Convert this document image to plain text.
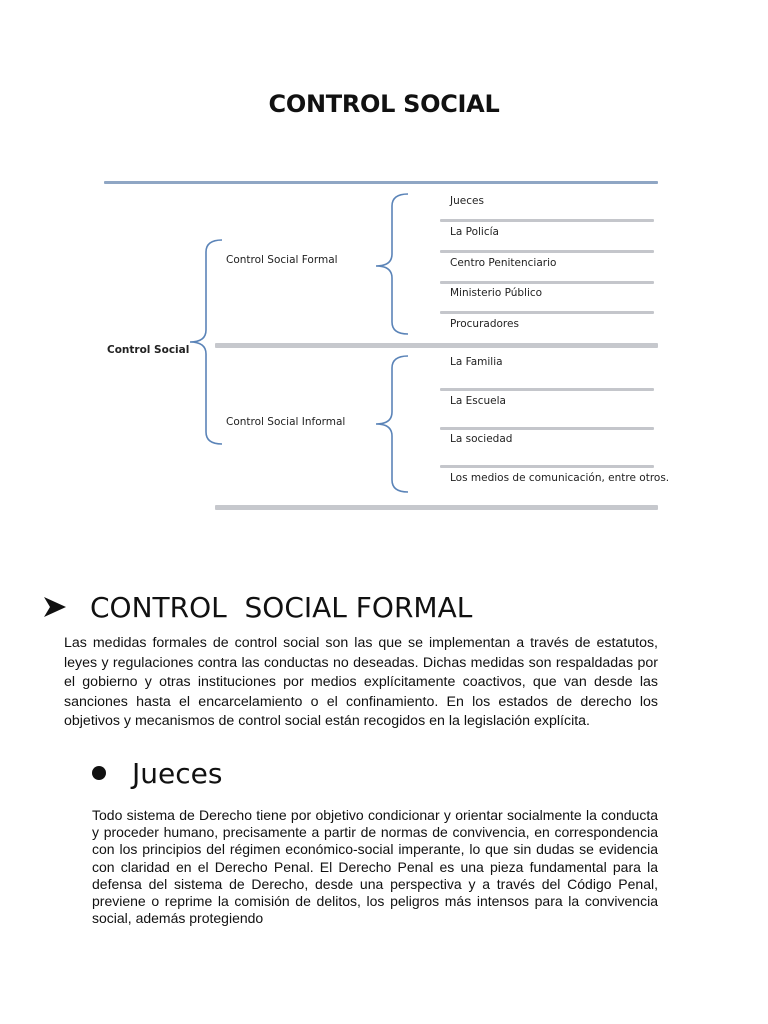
CONTROL SOCIAL
Control Social
Control Social Formal
Control Social Informal
Jueces
La Policía
Centro Penitenciario
Ministerio Público
Procuradores
La Familia
La Escuela
La sociedad
Los medios de comunicación, entre otros.
CONTROL  SOCIAL FORMAL
Las medidas formales de control social son las que se implementan a través de estatutos, leyes y regulaciones contra las conductas no deseadas. Dichas medidas son respaldadas por el gobierno y otras instituciones por medios explícitamente coactivos, que van desde las sanciones hasta el encarcelamiento o el confinamiento. En los estados de derecho los objetivos y mecanismos de control social están recogidos en la legislación explícita.
Jueces
Todo sistema de Derecho tiene por objetivo condicionar y orientar socialmente la conducta y proceder humano, precisamente a partir de normas de convivencia, en correspondencia con los principios del régimen económico-social imperante, lo que sin dudas se evidencia con claridad en el Derecho Penal. El Derecho Penal es una pieza fundamental para la defensa del sistema de Derecho, desde una perspectiva y a través del Código Penal, previene o reprime la comisión de delitos, los peligros más intensos para la convivencia social, además protegiendo
